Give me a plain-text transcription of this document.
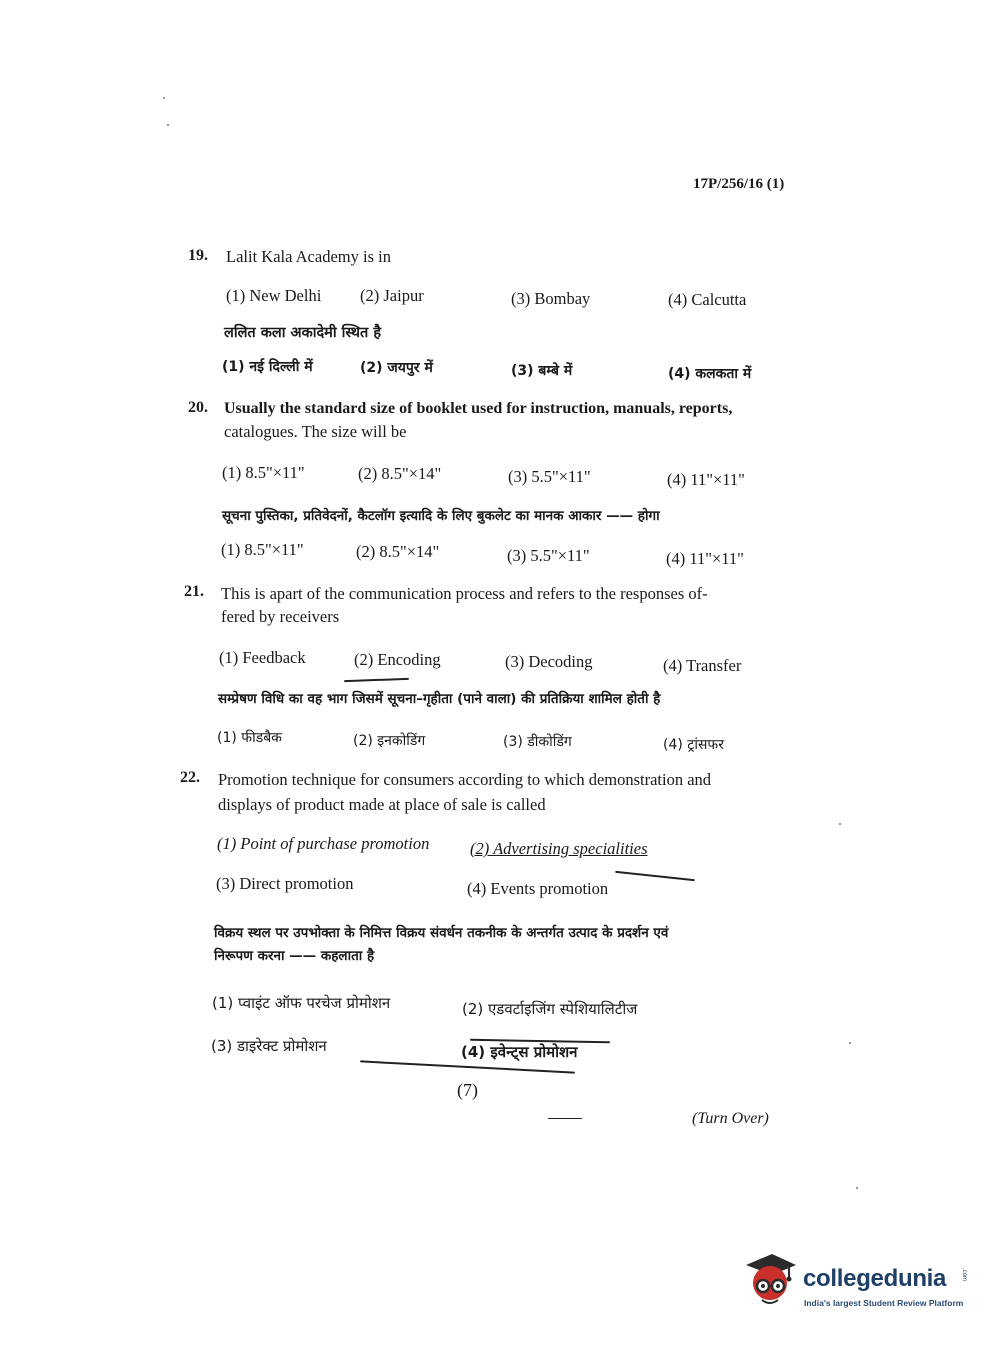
17P/256/16 (1)
19. Lalit Kala Academy is in
(1) New Delhi (2) Jaipur	(3) Bombay	(4) Calcutta
ललित कला अकादेमी स्थित है
(1) नई दिल्ली में	(2) जयपुर में	(3) बम्बे में	(4) कलकता में
20. Usually the standard size of booklet used for instruction, manuals, reports,
catalogues. The size will be
(1) 8.5"×11"	(2) 8.5"×14"	(3) 5.5"×11"	(4) 11"×11"
सूचना पुस्तिका, प्रतिवेदनों, कैटलॉग इत्यादि के लिए बुकलेट का मानक आकार —— होगा
(1) 8.5"×11"	(2) 8.5"×14"	(3) 5.5"×11"	(4) 11"×11"
21. This is apart of the communication process and refers to the responses of-
fered by receivers
(1) Feedback	(2) Encoding	(3) Decoding	(4) Transfer
सम्प्रेषण विधि का वह भाग जिसमें सूचना–गृहीता (पाने वाला) की प्रतिक्रिया शामिल होती है
(1) फीडबैक	(2) इनकोडिंग	(3) डीकोडिंग	(4) ट्रांसफर
22. Promotion technique for consumers according to which demonstration and
displays of product made at place of sale is called
(1) Point of purchase promotion (2) Advertising specialities
(3) Direct promotion	(4) Events promotion
विक्रय स्थल पर उपभोक्ता के निमित्त विक्रय संवर्धन तकनीक के अन्तर्गत उत्पाद के प्रदर्शन एवं
निरूपण करना —— कहलाता है
(1) प्वाइंट ऑफ परचेज प्रोमोशन	(2) एडवर्टाइजिंग स्पेशियालिटीज
(3) डाइरेक्ट प्रोमोशन	(4) इवेन्ट्स प्रोमोशन
(7)
(Turn Over)
collegedunia .com
India's largest Student Review Platform
